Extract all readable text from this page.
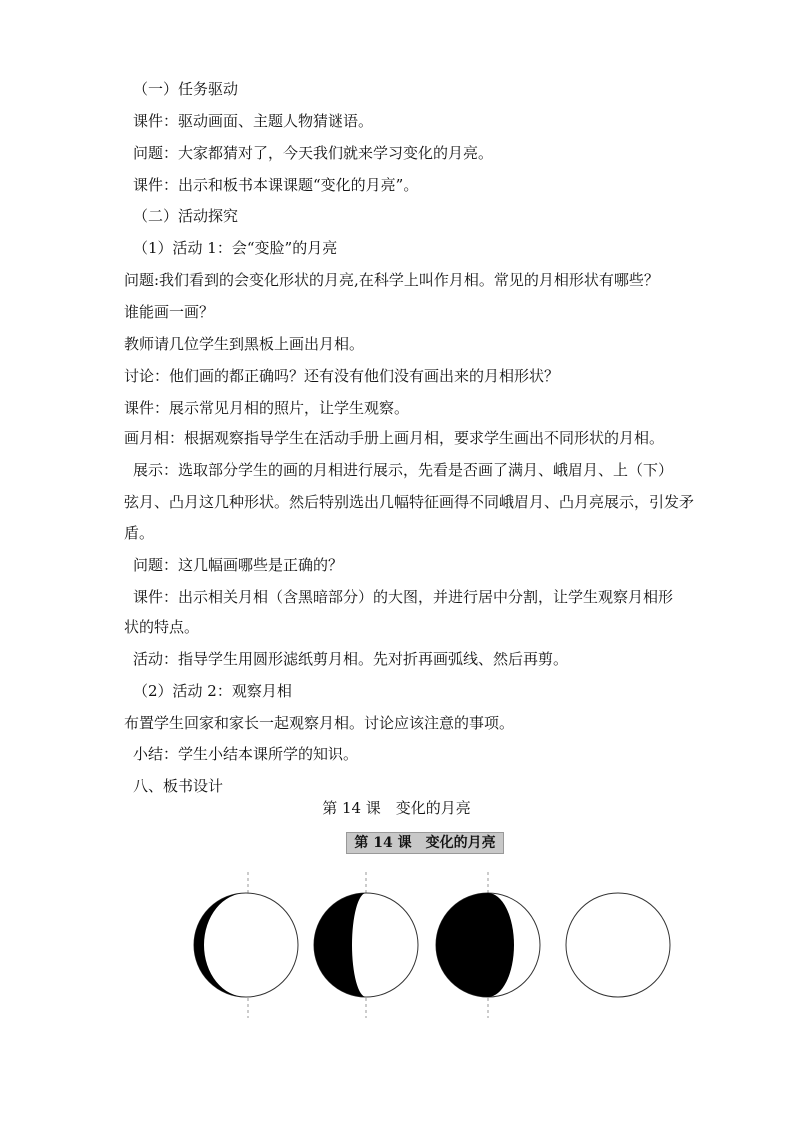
（一）任务驱动
课件：驱动画面、主题人物猜谜语。
问题：大家都猜对了，今天我们就来学习变化的月亮。
课件：出示和板书本课课题“变化的月亮”。
（二）活动探究
（1）活动 1：会“变脸”的月亮
问题:我们看到的会变化形状的月亮,在科学上叫作月相。常见的月相形状有哪些？
谁能画一画？
教师请几位学生到黑板上画出月相。
讨论：他们画的都正确吗？还有没有他们没有画出来的月相形状？
课件：展示常见月相的照片，让学生观察。
画月相：根据观察指导学生在活动手册上画月相，要求学生画出不同形状的月相。
展示：选取部分学生的画的月相进行展示，先看是否画了满月、峨眉月、上（下）
弦月、凸月这几种形状。然后特别选出几幅特征画得不同峨眉月、凸月亮展示，引发矛
盾。
问题：这几幅画哪些是正确的？
课件：出示相关月相（含黑暗部分）的大图，并进行居中分割，让学生观察月相形
状的特点。
活动：指导学生用圆形滤纸剪月相。先对折再画弧线、然后再剪。
（2）活动 2：观察月相
布置学生回家和家长一起观察月相。讨论应该注意的事项。
小结：学生小结本课所学的知识。
八、板书设计
第 14 课　变化的月亮
第 14 课　变化的月亮
